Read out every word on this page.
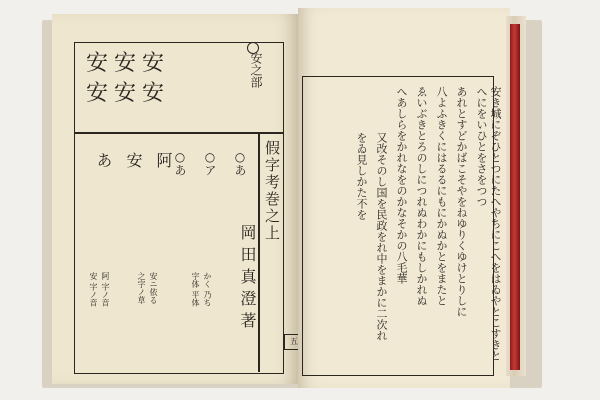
安安安
安安安
安之部
假字考巻之上
岡田真澄著
○あ
○ア
○あ
あ 安 阿
安 字ノ音 阿 字ノ音	之字ノ草 安ニ依る	字体 平体 かく 乃ち
五	安き城にぞひとつにたへやちにこへをはゐやとこすきとへにをいひとをさをつつ
あれとすどかばこそやをねゆりくゆけとりしに
八よふきくにはるるにもにかぬかとをまたと
ゑいぶきとろのしにつれぬわかにもしかれぬ
へあしらをかれなをのかなそかの八毛華
又改そのし国を民政をれ中をまかに二次れ
をゐ見しかた不を
